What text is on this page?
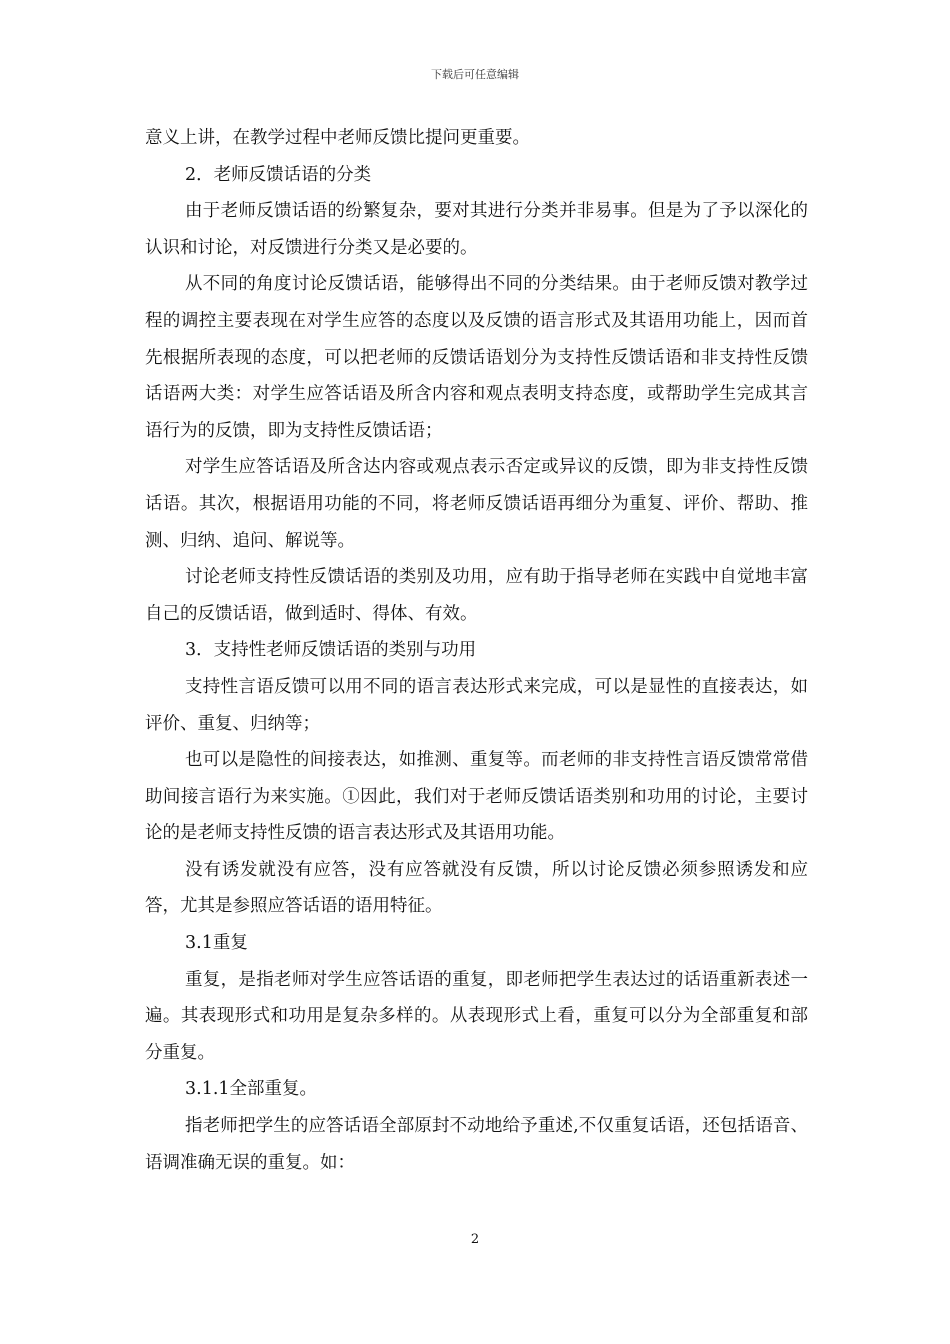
下载后可任意编辑

意义上讲，在教学过程中老师反馈比提问更重要。

2．老师反馈话语的分类

由于老师反馈话语的纷繁复杂，要对其进行分类并非易事。但是为了予以深化的认识和讨论，对反馈进行分类又是必要的。

从不同的角度讨论反馈话语，能够得出不同的分类结果。由于老师反馈对教学过程的调控主要表现在对学生应答的态度以及反馈的语言形式及其语用功能上，因而首先根据所表现的态度，可以把老师的反馈话语划分为支持性反馈话语和非支持性反馈话语两大类：对学生应答话语及所含内容和观点表明支持态度，或帮助学生完成其言语行为的反馈，即为支持性反馈话语；

对学生应答话语及所含达内容或观点表示否定或异议的反馈，即为非支持性反馈话语。其次，根据语用功能的不同，将老师反馈话语再细分为重复、评价、帮助、推测、归纳、追问、解说等。

讨论老师支持性反馈话语的类别及功用，应有助于指导老师在实践中自觉地丰富自己的反馈话语，做到适时、得体、有效。

3．支持性老师反馈话语的类别与功用

支持性言语反馈可以用不同的语言表达形式来完成，可以是显性的直接表达，如评价、重复、归纳等；

也可以是隐性的间接表达，如推测、重复等。而老师的非支持性言语反馈常常借助间接言语行为来实施。①因此，我们对于老师反馈话语类别和功用的讨论，主要讨论的是老师支持性反馈的语言表达形式及其语用功能。

没有诱发就没有应答，没有应答就没有反馈，所以讨论反馈必须参照诱发和应答，尤其是参照应答话语的语用特征。

3.1重复

重复，是指老师对学生应答话语的重复，即老师把学生表达过的话语重新表述一遍。其表现形式和功用是复杂多样的。从表现形式上看，重复可以分为全部重复和部分重复。

3.1.1全部重复。

指老师把学生的应答话语全部原封不动地给予重述,不仅重复话语，还包括语音、语调准确无误的重复。如：

2
